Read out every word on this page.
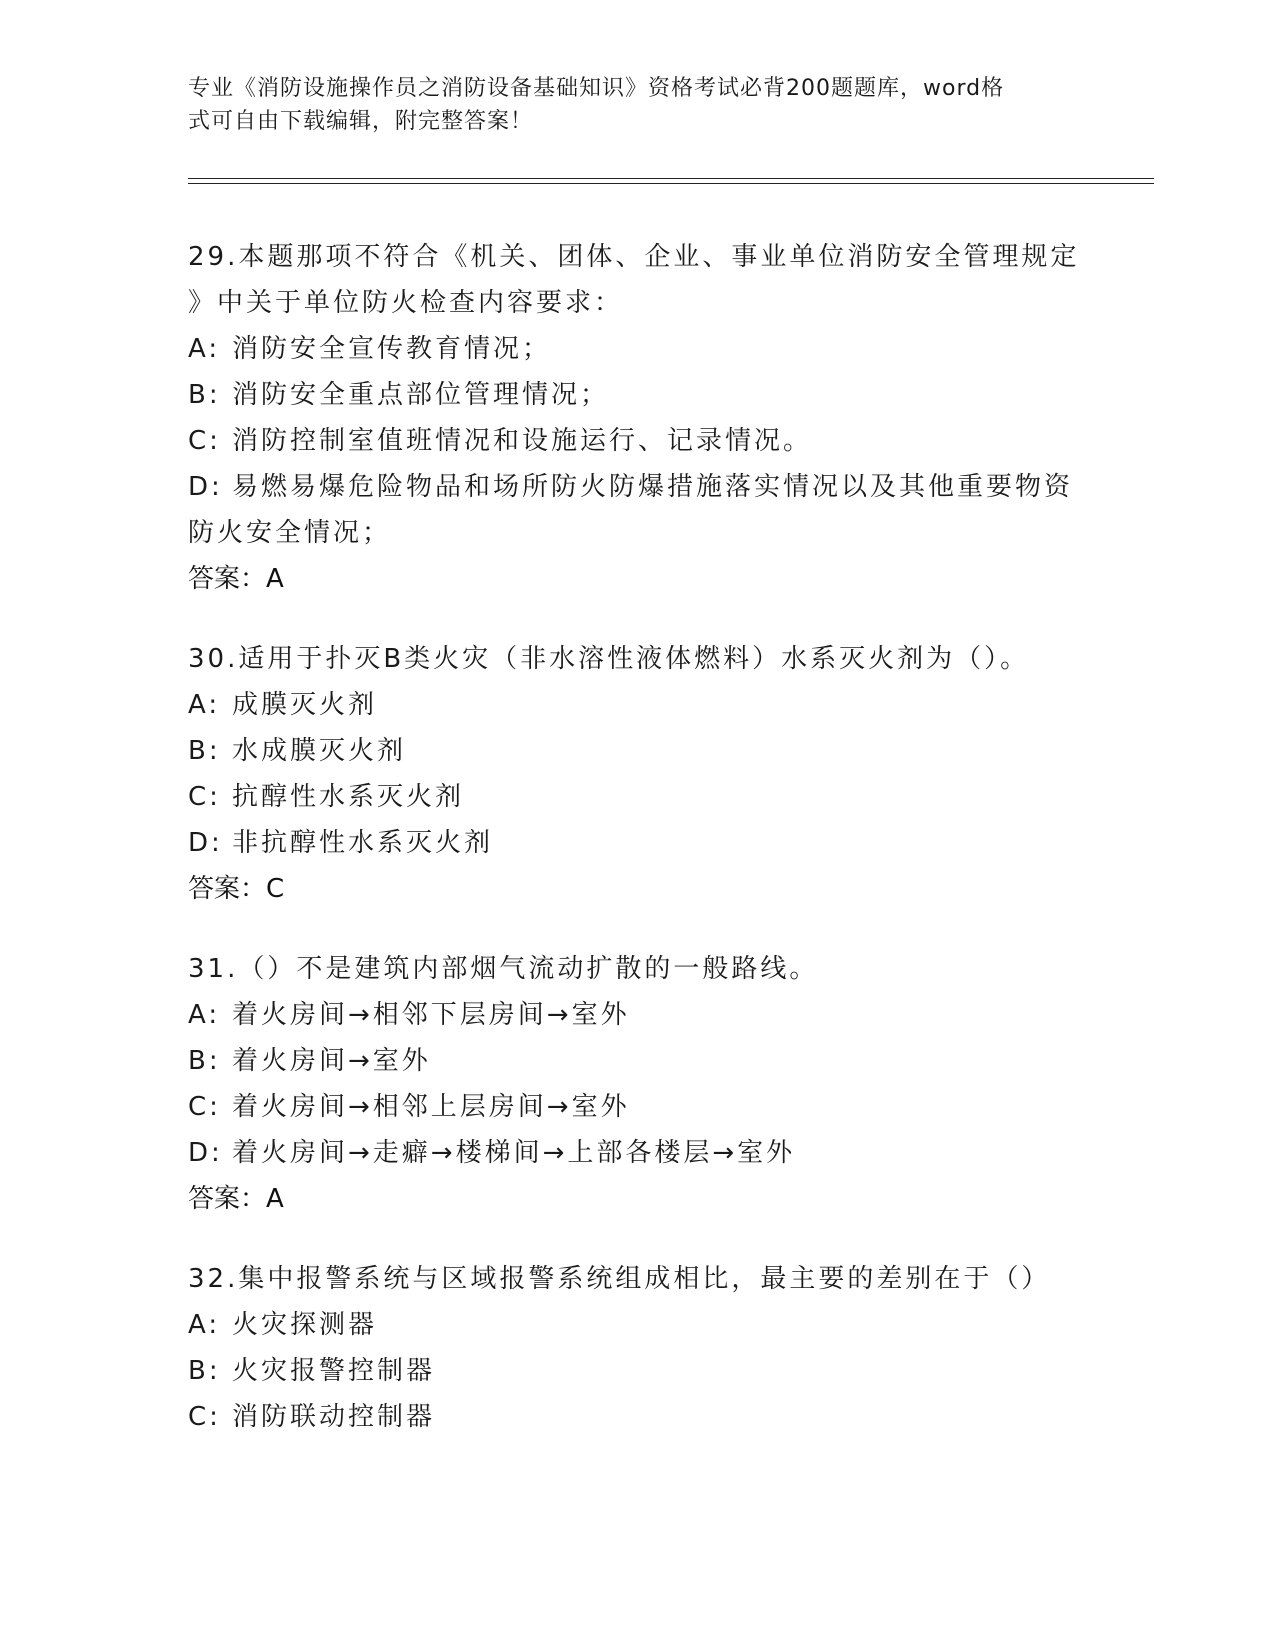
专业《消防设施操作员之消防设备基础知识》资格考试必背200题题库，word格
式可自由下载编辑，附完整答案！
29.本题那项不符合《机关、团体、企业、事业单位消防安全管理规定
》中关于单位防火检查内容要求：
A: 消防安全宣传教育情况；
B: 消防安全重点部位管理情况；
C: 消防控制室值班情况和设施运行、记录情况。
D: 易燃易爆危险物品和场所防火防爆措施落实情况以及其他重要物资
防火安全情况；
答案：A
30.适用于扑灭B类火灾（非水溶性液体燃料）水系灭火剂为（）。
A: 成膜灭火剂
B: 水成膜灭火剂
C: 抗醇性水系灭火剂
D: 非抗醇性水系灭火剂
答案：C
31.（）不是建筑内部烟气流动扩散的一般路线。
A: 着火房间→相邻下层房间→室外
B: 着火房间→室外
C: 着火房间→相邻上层房间→室外
D: 着火房间→走癖→楼梯间→上部各楼层→室外
答案：A
32.集中报警系统与区域报警系统组成相比，最主要的差别在于（）
A: 火灾探测器
B: 火灾报警控制器
C: 消防联动控制器
